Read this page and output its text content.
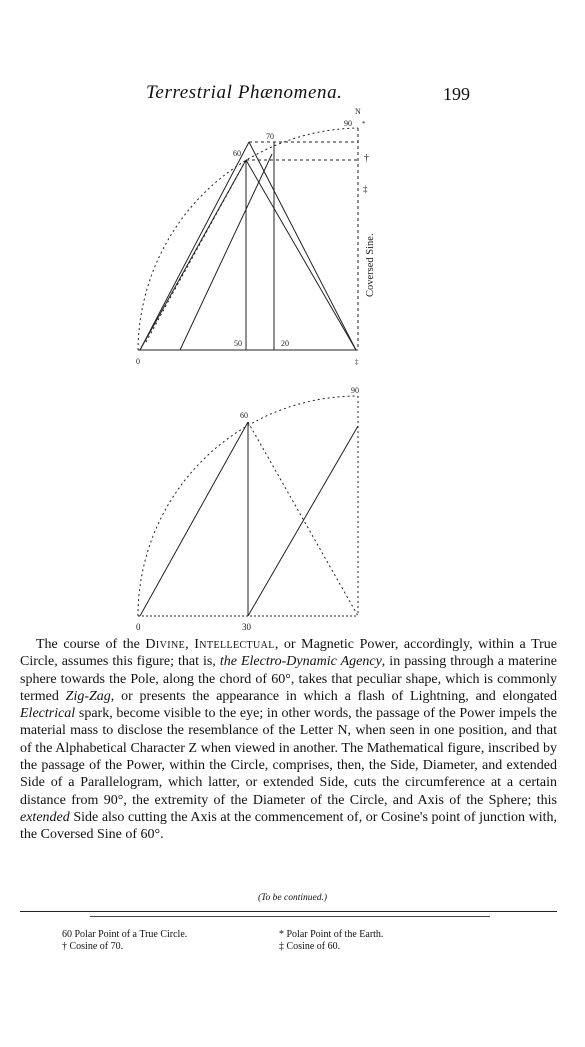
Terrestrial Phænomena.	199
N
90 *
70
60	†
‡
50	20
0
Coversed Sine.
‡
90
60
0	30

The course of the Divine, Intellectual, or Magnetic Power, accordingly, within a True Circle, assumes this figure; that is, the Electro-Dynamic Agency, in passing through a materine sphere towards the Pole, along the chord of 60°, takes that peculiar shape, which is commonly termed Zig-Zag, or presents the appearance in which a flash of Lightning, and elongated Electrical spark, become visible to the eye; in other words, the passage of the Power impels the material mass to disclose the resemblance of the Letter N, when seen in one position, and that of the Alphabetical Character Z when viewed in another. The Mathematical figure, inscribed by the passage of the Power, within the Circle, comprises, then, the Side, Diameter, and extended Side of a Parallelogram, which latter, or extended Side, cuts the circumference at a certain distance from 90°, the extremity of the Diameter of the Circle, and Axis of the Sphere; this extended Side also cutting the Axis at the commencement of, or Cosine's point of junction with, the Coversed Sine of 60°.

(To be continued.)
60 Polar Point of a True Circle.
† Cosine of 70.
* Polar Point of the Earth.
‡ Cosine of 60.
